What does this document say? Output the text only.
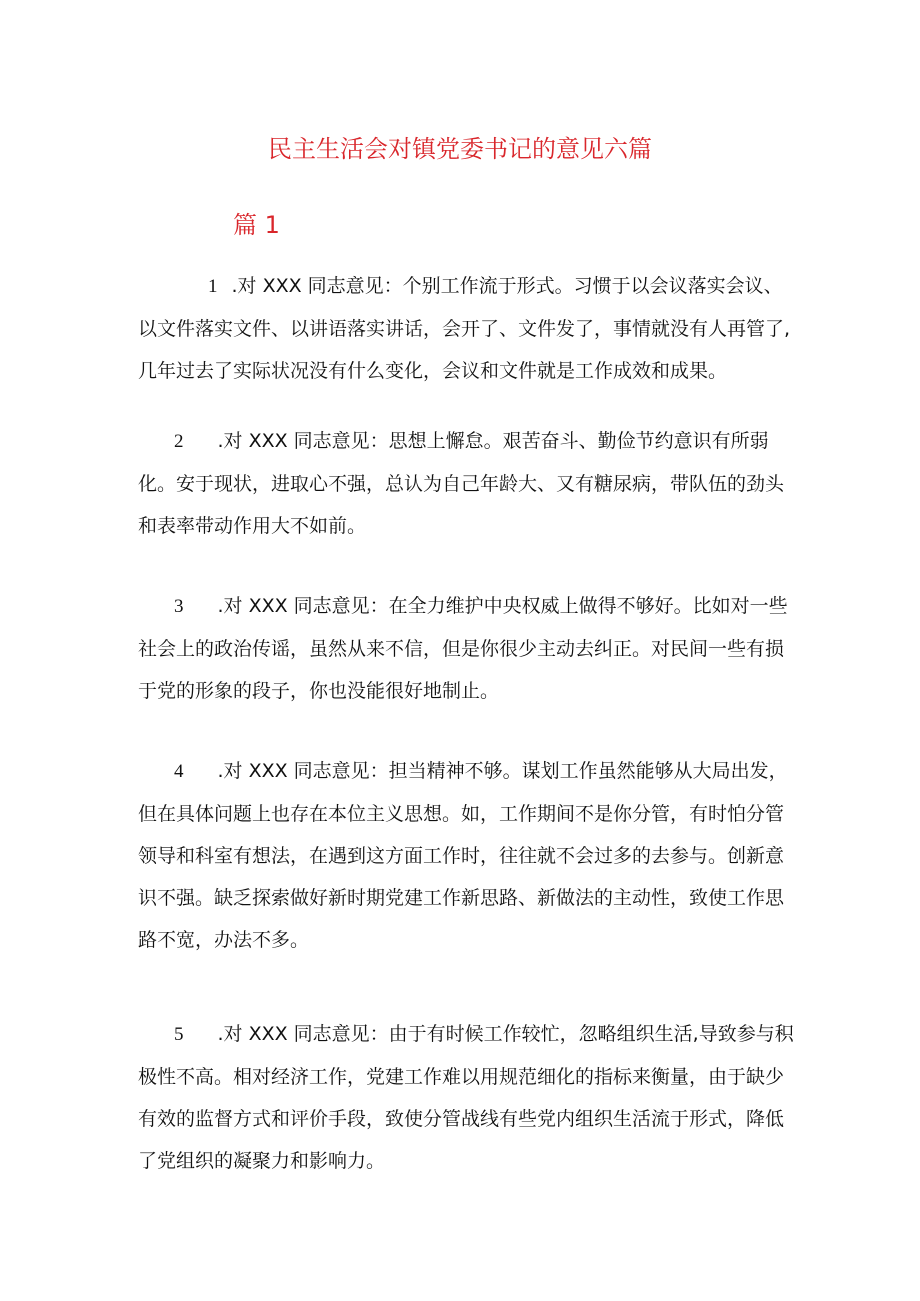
民主生活会对镇党委书记的意见六篇
篇 1
1 .对 XXX 同志意见：个别工作流于形式。习惯于以会议落实会议、以文件落实文件、以讲语落实讲话，会开了、文件发了，事情就没有人再管了,几年过去了实际状况没有什么变化，会议和文件就是工作成效和成果。
2 .对 XXX 同志意见：思想上懈怠。艰苦奋斗、勤俭节约意识有所弱化。安于现状，进取心不强，总认为自己年龄大、又有糖尿病，带队伍的劲头和表率带动作用大不如前。
3 .对 XXX 同志意见：在全力维护中央权威上做得不够好。比如对一些社会上的政治传谣，虽然从来不信，但是你很少主动去纠正。对民间一些有损于党的形象的段子，你也没能很好地制止。
4 .对 XXX 同志意见：担当精神不够。谋划工作虽然能够从大局出发，但在具体问题上也存在本位主义思想。如，工作期间不是你分管，有时怕分管领导和科室有想法，在遇到这方面工作时，往往就不会过多的去参与。创新意识不强。缺乏探索做好新时期党建工作新思路、新做法的主动性，致使工作思路不宽，办法不多。
5 .对 XXX 同志意见：由于有时候工作较忙，忽略组织生活,导致参与积极性不高。相对经济工作，党建工作难以用规范细化的指标来衡量，由于缺少有效的监督方式和评价手段，致使分管战线有些党内组织生活流于形式，降低了党组织的凝聚力和影响力。
